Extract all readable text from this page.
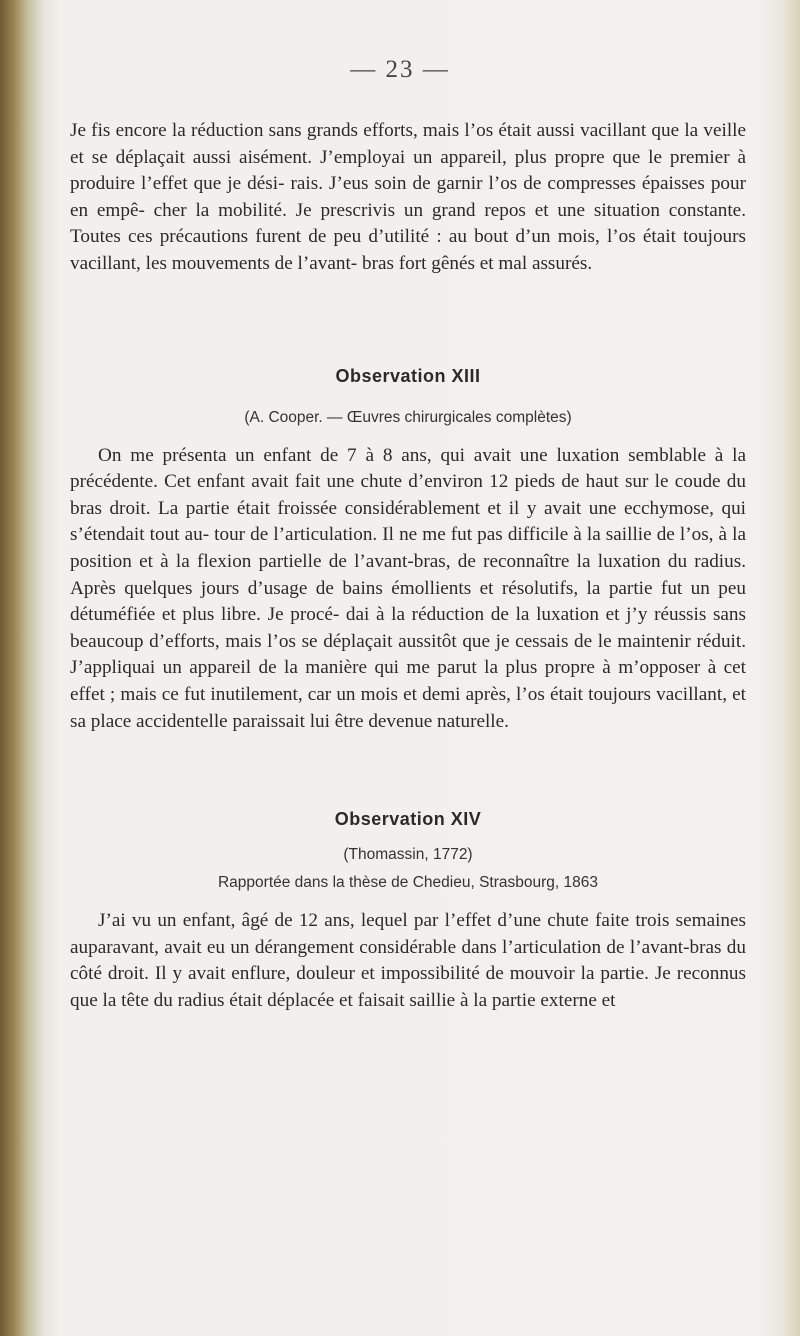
— 23 —

Je fis encore la réduction sans grands efforts, mais l’os était aussi vacillant que la veille et se déplaçait aussi aisément. J’employai un appareil, plus propre que le premier à produire l’effet que je dési- rais. J’eus soin de garnir l’os de compresses épaisses pour en empê- cher la mobilité. Je prescrivis un grand repos et une situation constante. Toutes ces précautions furent de peu d’utilité : au bout d’un mois, l’os était toujours vacillant, les mouvements de l’avant- bras fort gênés et mal assurés.

Observation XIII
(A. Cooper. — Œuvres chirurgicales complètes)

On me présenta un enfant de 7 à 8 ans, qui avait une luxation semblable à la précédente. Cet enfant avait fait une chute d’environ 12 pieds de haut sur le coude du bras droit. La partie était froissée considérablement et il y avait une ecchymose, qui s’étendait tout au- tour de l’articulation. Il ne me fut pas difficile à la saillie de l’os, à la position et à la flexion partielle de l’avant-bras, de reconnaître la luxation du radius. Après quelques jours d’usage de bains émollients et résolutifs, la partie fut un peu détuméfiée et plus libre. Je procé- dai à la réduction de la luxation et j’y réussis sans beaucoup d’efforts, mais l’os se déplaçait aussitôt que je cessais de le maintenir réduit. J’appliquai un appareil de la manière qui me parut la plus propre à m’opposer à cet effet ; mais ce fut inutilement, car un mois et demi après, l’os était toujours vacillant, et sa place accidentelle paraissait lui être devenue naturelle.

Observation XIV
(Thomassin, 1772)
Rapportée dans la thèse de Chedieu, Strasbourg, 1863

J’ai vu un enfant, âgé de 12 ans, lequel par l’effet d’une chute faite trois semaines auparavant, avait eu un dérangement considérable dans l’articulation de l’avant-bras du côté droit. Il y avait enflure, douleur et impossibilité de mouvoir la partie. Je reconnus que la tête du radius était déplacée et faisait saillie à la partie externe et
